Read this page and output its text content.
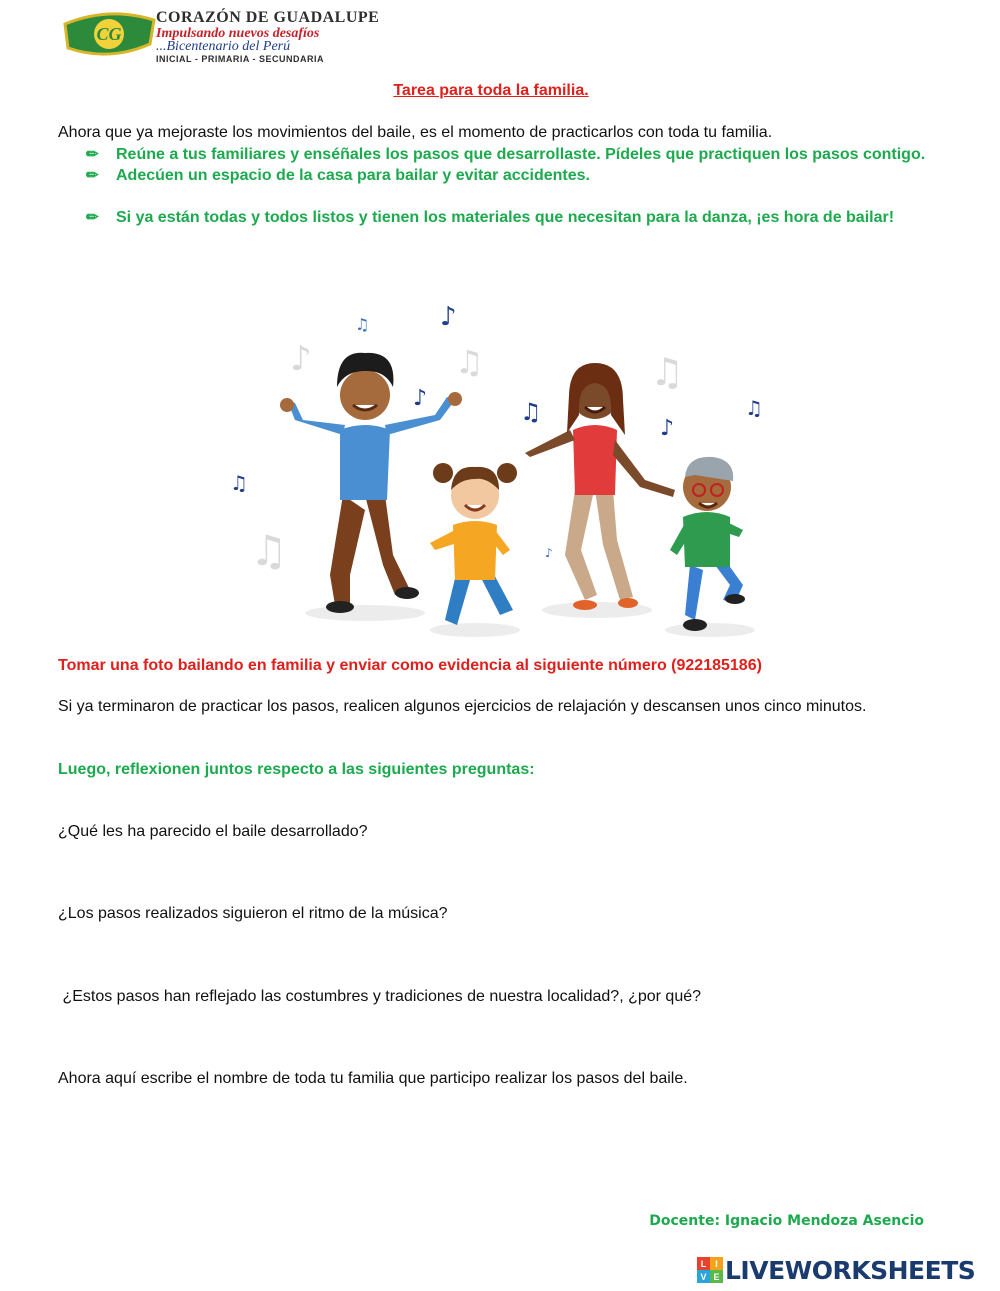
CG
CORAZÓN DE GUADALUPE
Impulsando nuevos desafíos
...Bicentenario del Perú
INICIAL - PRIMARIA - SECUNDARIA
Tarea para toda la familia.
Ahora que ya mejoraste los movimientos del baile, es el momento de practicarlos con toda tu familia.
✏	Reúne a tus familiares y enséñales los pasos que desarrollaste. Pídeles que practiquen los pasos contigo.
✏	Adecúen un espacio de la casa para bailar y evitar accidentes.
✏	Si ya están todas y todos listos y tienen los materiales que necesitan para la danza, ¡es hora de bailar!
♫	♪
♪	♫
♪	♫
♫
♫
♪
♫
♫	♪
Tomar una foto bailando en familia y enviar como evidencia al siguiente número (922185186)
Si ya terminaron de practicar los pasos, realicen algunos ejercicios de relajación y descansen unos cinco minutos.
Luego, reflexionen juntos respecto a las siguientes preguntas:
¿Qué les ha parecido el baile desarrollado?
¿Los pasos realizados siguieron el ritmo de la música?
¿Estos pasos han reflejado las costumbres y tradiciones de nuestra localidad?, ¿por qué?
Ahora aquí escribe el nombre de toda tu familia que participo realizar los pasos del baile.
Docente: Ignacio Mendoza Asencio
L I
V E LIVEWORKSHEETS
